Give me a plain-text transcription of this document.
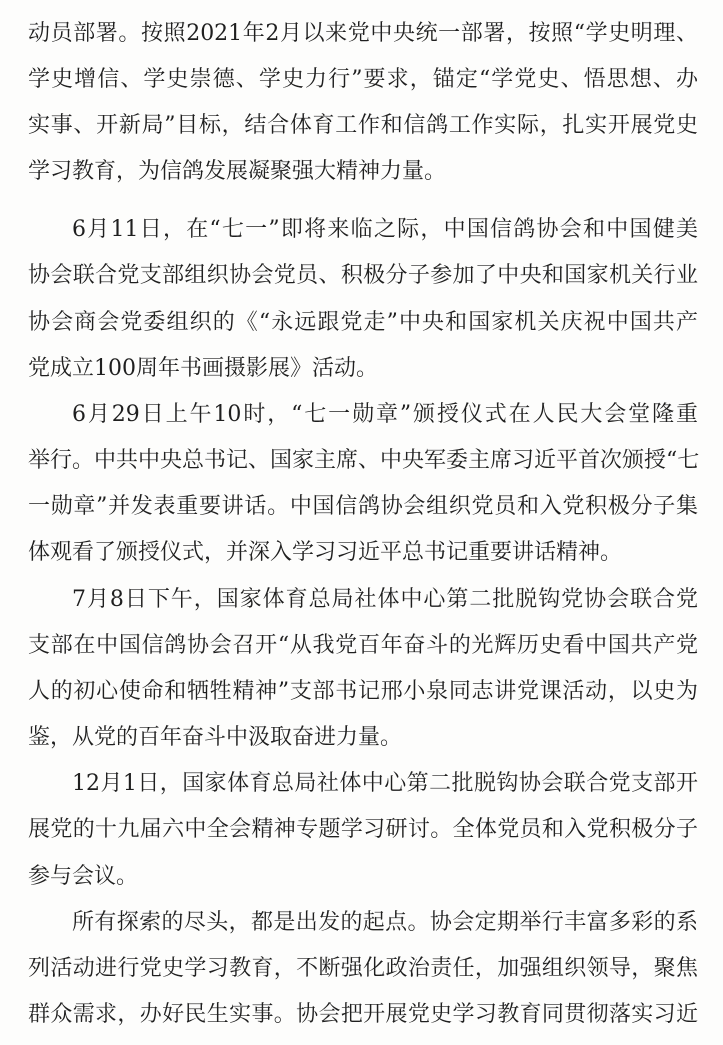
动员部署。按照2021年2月以来党中央统一部署，按照“学史明理、
学史增信、学史崇德、学史力行”要求，锚定“学党史、悟思想、办
实事、开新局”目标，结合体育工作和信鸽工作实际，扎实开展党史
学习教育，为信鸽发展凝聚强大精神力量。
6月11日，在“七一”即将来临之际，中国信鸽协会和中国健美
协会联合党支部组织协会党员、积极分子参加了中央和国家机关行业
协会商会党委组织的《“永远跟党走”中央和国家机关庆祝中国共产
党成立100周年书画摄影展》活动。
6月29日上午10时，“七一勋章”颁授仪式在人民大会堂隆重
举行。中共中央总书记、国家主席、中央军委主席习近平首次颁授“七
一勋章”并发表重要讲话。中国信鸽协会组织党员和入党积极分子集
体观看了颁授仪式，并深入学习习近平总书记重要讲话精神。
7月8日下午，国家体育总局社体中心第二批脱钩党协会联合党
支部在中国信鸽协会召开“从我党百年奋斗的光辉历史看中国共产党
人的初心使命和牺牲精神”支部书记邢小泉同志讲党课活动，以史为
鉴，从党的百年奋斗中汲取奋进力量。
12月1日，国家体育总局社体中心第二批脱钩协会联合党支部开
展党的十九届六中全会精神专题学习研讨。全体党员和入党积极分子
参与会议。
所有探索的尽头，都是出发的起点。协会定期举行丰富多彩的系
列活动进行党史学习教育，不断强化政治责任，加强组织领导，聚焦
群众需求，办好民生实事。协会把开展党史学习教育同贯彻落实习近
